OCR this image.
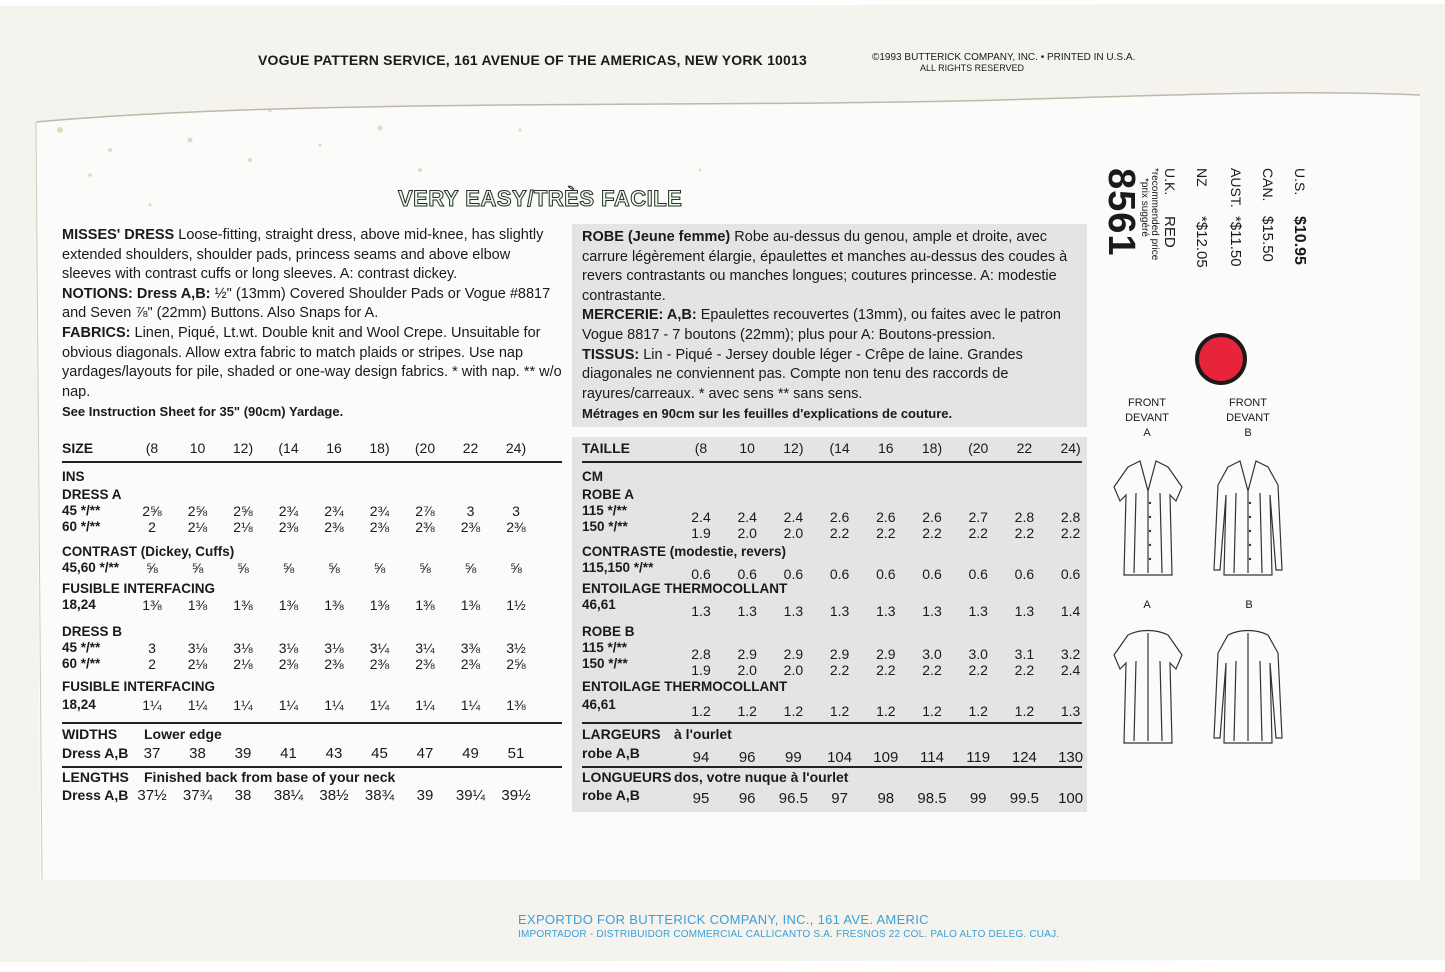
VOGUE PATTERN SERVICE, 161 AVENUE OF THE AMERICAS, NEW YORK 10013	©1993 BUTTERICK COMPANY, INC. • PRINTED IN U.S.A.
ALL RIGHTS RESERVED
VERY EASY/TRÈS FACILE
MISSES' DRESS Loose-fitting, straight dress, above mid-knee, has slightly extended shoulders, shoulder pads, princess seams and above elbow sleeves with contrast cuffs or long sleeves. A: contrast dickey.
NOTIONS: Dress A,B: ½" (13mm) Covered Shoulder Pads or Vogue #8817 and Seven ⅞" (22mm) Buttons. Also Snaps for A.
FABRICS: Linen, Piqué, Lt.wt. Double knit and Wool Crepe. Unsuitable for obvious diagonals. Allow extra fabric to match plaids or stripes. Use nap yardages/layouts for pile, shaded or one-way design fabrics. * with nap. ** w/o nap.
See Instruction Sheet for 35" (90cm) Yardage.
ROBE (Jeune femme) Robe au-dessus du genou, ample et droite, avec carrure légèrement élargie, épaulettes et manches au-dessus des coudes à revers contrastants ou manches longues; coutures princesse. A: modestie contrastante.
MERCERIE: A,B: Epaulettes recouvertes (13mm), ou faites avec le patron Vogue 8817 - 7 boutons (22mm); plus pour A: Boutons-pression.
TISSUS: Lin - Piqué - Jersey double léger - Crêpe de laine. Grandes diagonales ne conviennent pas. Compte non tenu des raccords de rayures/carreaux. * avec sens ** sans sens.
Métrages en 90cm sur les feuilles d'explications de couture.
SIZE	(8	10	12)	(14	16	18)	(20	22	24)
INS
DRESS A
45 */**	2⅝	2⅝	2⅝	2¾	2¾	2¾	2⅞	3	3
60 */**	2	2⅛	2⅛	2⅜	2⅜	2⅜	2⅜	2⅜	2⅜
CONTRAST (Dickey, Cuffs)
45,60 */**	⅝	⅝	⅝	⅝	⅝	⅝	⅝	⅝	⅝
FUSIBLE INTERFACING
18,24	1⅜	1⅜	1⅜	1⅜	1⅜	1⅜	1⅜	1⅜	1½
DRESS B
45 */**	3	3⅛	3⅛	3⅛	3⅛	3¼	3¼	3⅜	3½
60 */**	2	2⅛	2⅛	2⅜	2⅜	2⅜	2⅜	2⅜	2⅝
FUSIBLE INTERFACING
18,24	1¼	1¼	1¼	1¼	1¼	1¼	1¼	1¼	1⅜
WIDTHS Lower edge
Dress A,B	37	38	39	41	43	45	47	49	51
LENGTHS Finished back from base of your neck
Dress A,B 37½	37¾	38	38¼	38½	38¾	39	39¼	39½
TAILLE	(8	10	12)	(14	16	18)	(20	22	24)
CM
ROBE A
115 */**	2.4	2.4	2.4	2.6	2.6	2.6	2.7	2.8	2.8
150 */**	1.9	2.0	2.0	2.2	2.2	2.2	2.2	2.2	2.2
CONTRASTE (modestie, revers)
115,150 */**	0.6	0.6	0.6	0.6	0.6	0.6	0.6	0.6	0.6
ENTOILAGE THERMOCOLLANT
46,61	1.3	1.3	1.3	1.3	1.3	1.3	1.3	1.3	1.4
ROBE B
115 */**	2.8	2.9	2.9	2.9	2.9	3.0	3.0	3.1	3.2
150 */**	1.9	2.0	2.0	2.2	2.2	2.2	2.2	2.2	2.4
ENTOILAGE THERMOCOLLANT
46,61	1.2	1.2	1.2	1.2	1.2	1.2	1.2	1.2	1.3
LARGEURS à l'ourlet
robe A,B	94	96	99	104	109	114	119	124	130
LONGUEURS dos, votre nuque à l'ourlet
robe A,B	95	96	96.5	97	98	98.5	99	99.5	100
8561	U.S.
$10.95
CAN.
$15.50
AUST.
*$11.50
NZ
*$12.05
U.K.
RED
*recommended price
*prix suggéré
FRONT
DEVANT
A
FRONT
DEVANT
B
A	B
EXPORTDO FOR BUTTERICK COMPANY, INC., 161 AVE. AMERIC
IMPORTADOR - DISTRIBUIDOR COMMERCIAL CALLICANTO S.A. FRESNOS 22 COL. PALO ALTO DELEG. CUAJ.
